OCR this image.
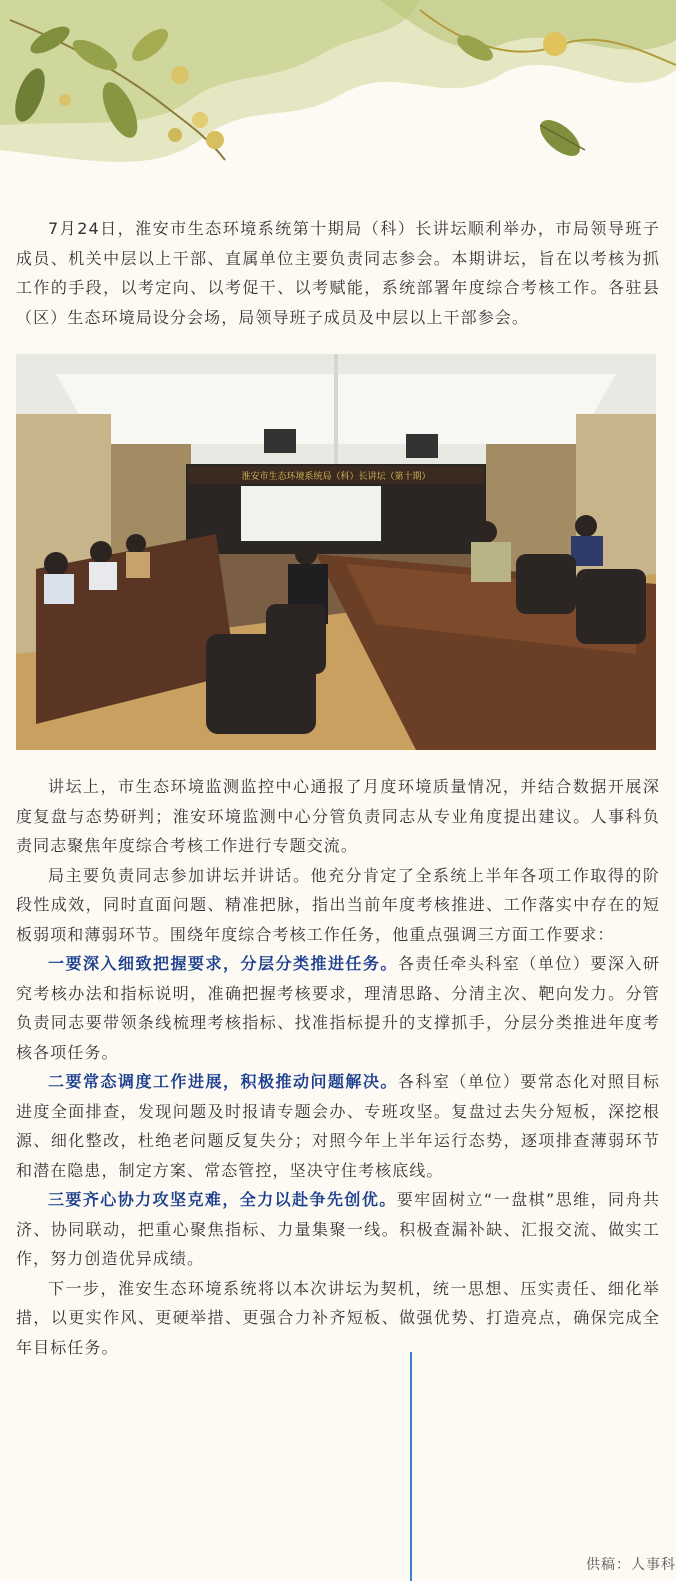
7月24日，淮安市生态环境系统第十期局（科）长讲坛顺利举办，市局领导班子成员、机关中层以上干部、直属单位主要负责同志参会。本期讲坛，旨在以考核为抓工作的手段，以考定向、以考促干、以考赋能，系统部署年度综合考核工作。各驻县（区）生态环境局设分会场，局领导班子成员及中层以上干部参会。

淮安市生态环境系统局（科）长讲坛（第十期）

讲坛上，市生态环境监测监控中心通报了月度环境质量情况，并结合数据开展深度复盘与态势研判；淮安环境监测中心分管负责同志从专业角度提出建议。人事科负责同志聚焦年度综合考核工作进行专题交流。

局主要负责同志参加讲坛并讲话。他充分肯定了全系统上半年各项工作取得的阶段性成效，同时直面问题、精准把脉，指出当前年度考核推进、工作落实中存在的短板弱项和薄弱环节。围绕年度综合考核工作任务，他重点强调三方面工作要求：

一要深入细致把握要求，分层分类推进任务。各责任牵头科室（单位）要深入研究考核办法和指标说明，准确把握考核要求，理清思路、分清主次、靶向发力。分管负责同志要带领条线梳理考核指标、找准指标提升的支撑抓手，分层分类推进年度考核各项任务。

二要常态调度工作进展，积极推动问题解决。各科室（单位）要常态化对照目标进度全面排查，发现问题及时报请专题会办、专班攻坚。复盘过去失分短板，深挖根源、细化整改，杜绝老问题反复失分；对照今年上半年运行态势，逐项排查薄弱环节和潜在隐患，制定方案、常态管控，坚决守住考核底线。

三要齐心协力攻坚克难，全力以赴争先创优。要牢固树立“一盘棋”思维，同舟共济、协同联动，把重心聚焦指标、力量集聚一线。积极查漏补缺、汇报交流、做实工作，努力创造优异成绩。

下一步，淮安生态环境系统将以本次讲坛为契机，统一思想、压实责任、细化举措，以更实作风、更硬举措、更强合力补齐短板、做强优势、打造亮点，确保完成全年目标任务。

供稿：人事科
